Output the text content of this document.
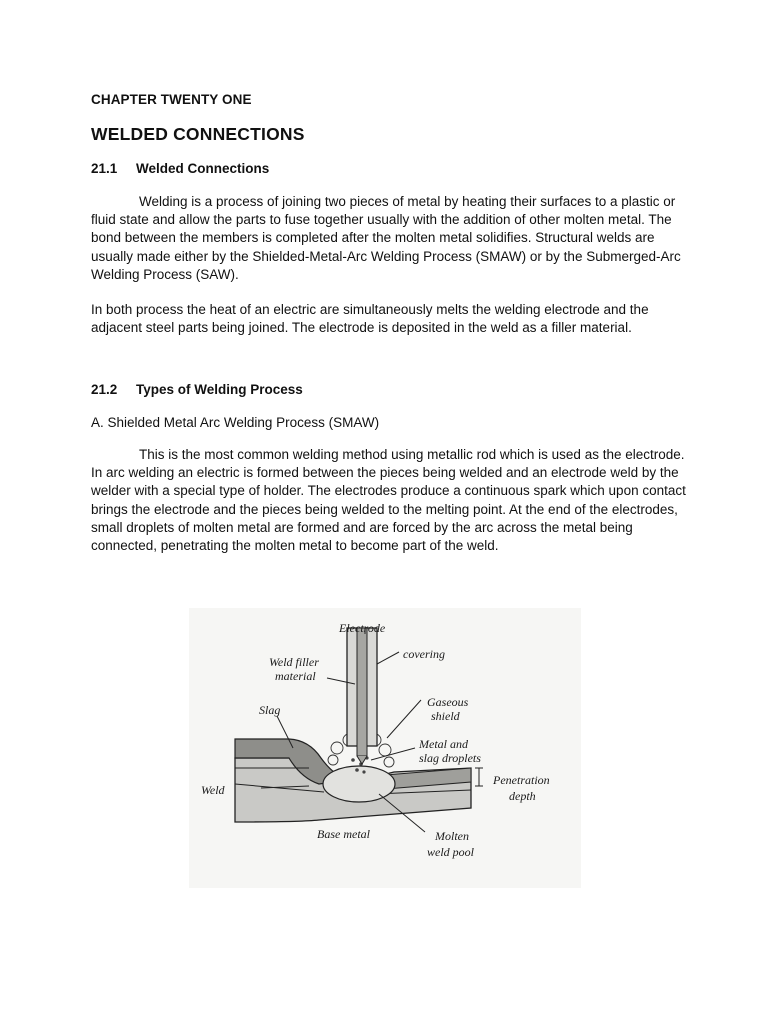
CHAPTER TWENTY ONE
WELDED CONNECTIONS
21.1 Welded Connections

Welding is a process of joining two pieces of metal by heating their surfaces to a plastic or fluid state and allow the parts to fuse together usually with the addition of other molten metal. The bond between the members is completed after the molten metal solidifies. Structural welds are usually made either by the Shielded-Metal-Arc Welding Process (SMAW) or by the Submerged-Arc Welding Process (SAW).

In both process the heat of an electric are simultaneously melts the welding electrode and the adjacent steel parts being joined. The electrode is deposited in the weld as a filler material.

21.2 Types of Welding Process
A. Shielded Metal Arc Welding Process (SMAW)

This is the most common welding method using metallic rod which is used as the electrode. In arc welding an electric is formed between the pieces being welded and an electrode weld by the welder with a special type of holder. The electrodes produce a continuous spark which upon contact brings the electrode and the pieces being welded to the melting point. At the end of the electrodes, small droplets of molten metal are formed and are forced by the arc across the metal being connected, penetrating the molten metal to become part of the weld.

Electrode
covering
Weld filler
material
Gaseous
shield
Slag
Metal and
slag droplets
Penetration
depth
Weld
Base metal	Molten
weld pool
